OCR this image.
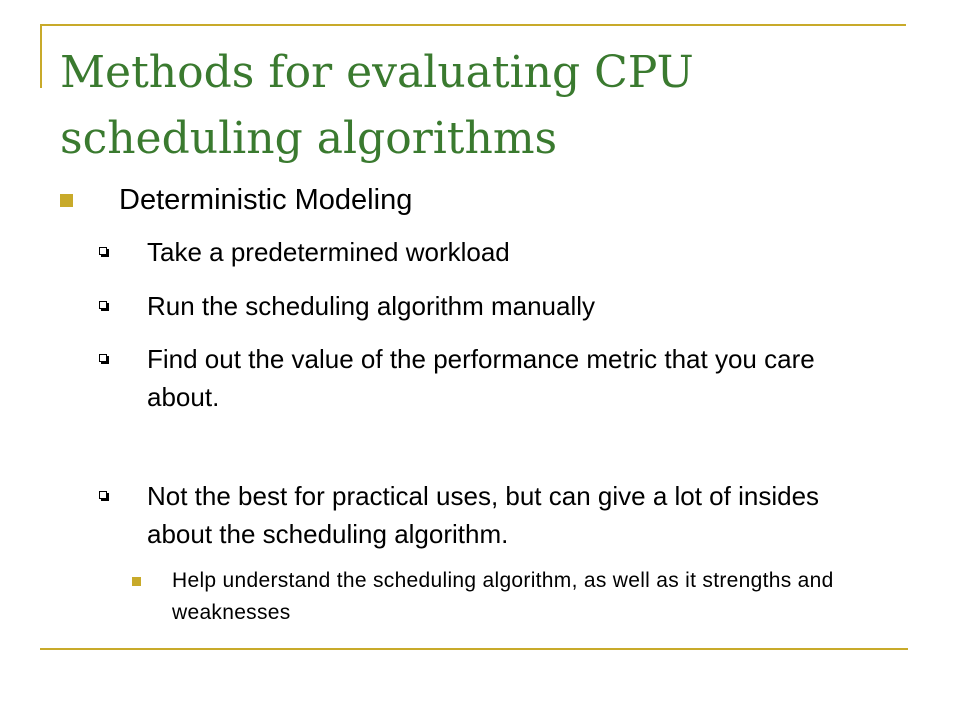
Methods for evaluating CPU scheduling algorithms
Deterministic Modeling
Take a predetermined workload
Run the scheduling algorithm manually
Find out the value of the performance metric that you care about.
Not the best for practical uses, but can give a lot of insides about the scheduling algorithm.
Help understand the scheduling algorithm, as well as it strengths and weaknesses
